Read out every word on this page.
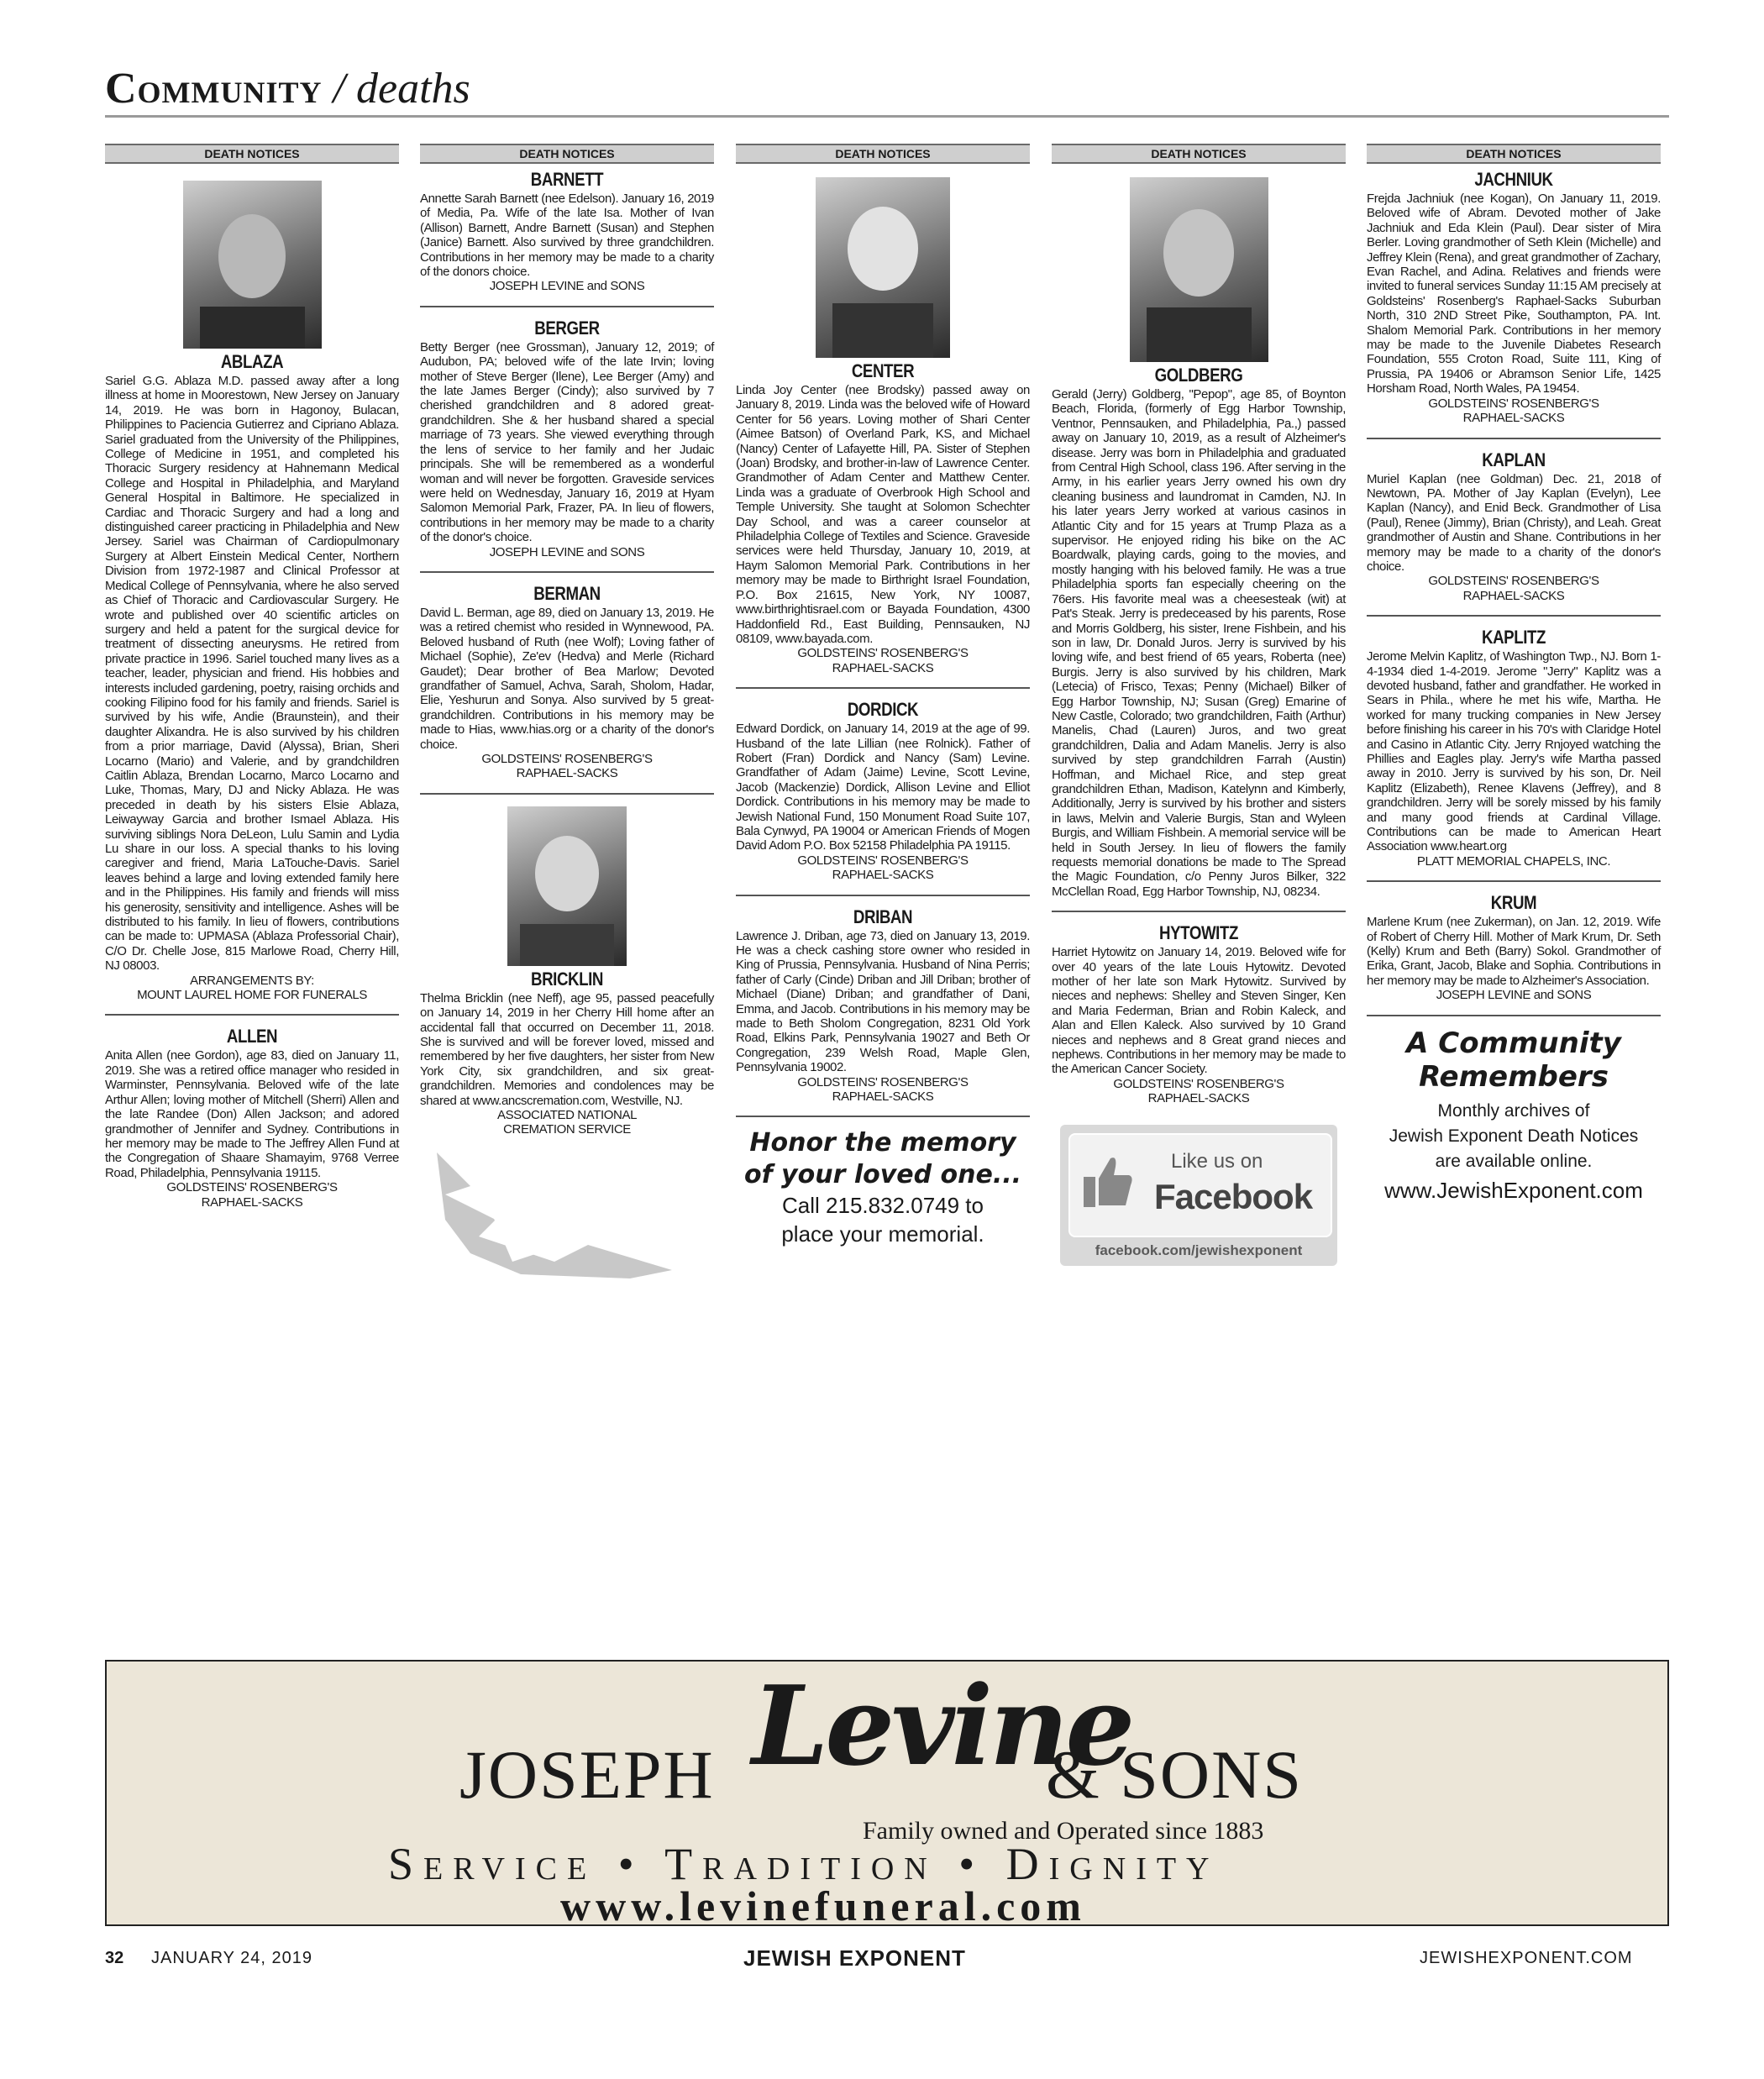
Community / deaths
DEATH NOTICES
ABLAZA
Sariel G.G. Ablaza M.D. passed away after a long illness at home in Moorestown, New Jersey on January 14, 2019. He was born in Hagonoy, Bulacan, Philippines to Paciencia Gutierrez and Cipriano Ablaza. Sariel graduated from the University of the Philippines, College of Medicine in 1951, and completed his Thoracic Surgery residency at Hahnemann Medical College and Hospital in Philadelphia, and Maryland General Hospital in Baltimore. He specialized in Cardiac and Thoracic Surgery and had a long and distinguished career practicing in Philadelphia and New Jersey. Sariel was Chairman of Cardiopulmonary Surgery at Albert Einstein Medical Center, Northern Division from 1972-1987 and Clinical Professor at Medical College of Pennsylvania, where he also served as Chief of Thoracic and Cardiovascular Surgery. He wrote and published over 40 scientific articles on surgery and held a patent for the surgical device for treatment of dissecting aneurysms. He retired from private practice in 1996. Sariel touched many lives as a teacher, leader, physician and friend. His hobbies and interests included gardening, poetry, raising orchids and cooking Filipino food for his family and friends. Sariel is survived by his wife, Andie (Braunstein), and their daughter Alixandra. He is also survived by his children from a prior marriage, David (Alyssa), Brian, Sheri Locarno (Mario) and Valerie, and by grandchildren Caitlin Ablaza, Brendan Locarno, Marco Locarno and Luke, Thomas, Mary, DJ and Nicky Ablaza. He was preceded in death by his sisters Elsie Ablaza, Leiwayway Garcia and brother Ismael Ablaza. His surviving siblings Nora DeLeon, Lulu Samin and Lydia Lu share in our loss. A special thanks to his loving caregiver and friend, Maria LaTouche-Davis. Sariel leaves behind a large and loving extended family here and in the Philippines. His family and friends will miss his generosity, sensitivity and intelligence. Ashes will be distributed to his family. In lieu of flowers, contributions can be made to: UPMASA (Ablaza Professorial Chair), C/O Dr. Chelle Jose, 815 Marlowe Road, Cherry Hill, NJ 08003.
ARRANGEMENTS BY:
MOUNT LAUREL HOME FOR FUNERALS
ALLEN
Anita Allen (nee Gordon), age 83, died on January 11, 2019. She was a retired office manager who resided in Warminster, Pennsylvania. Beloved wife of the late Arthur Allen; loving mother of Mitchell (Sherri) Allen and the late Randee (Don) Allen Jackson; and adored grandmother of Jennifer and Sydney. Contributions in her memory may be made to The Jeffrey Allen Fund at the Congregation of Shaare Shamayim, 9768 Verree Road, Philadelphia, Pennsylvania 19115.
GOLDSTEINS' ROSENBERG'S
RAPHAEL-SACKS
DEATH NOTICES
BARNETT
Annette Sarah Barnett (nee Edelson). January 16, 2019 of Media, Pa. Wife of the late Isa. Mother of Ivan (Allison) Barnett, Andre Barnett (Susan) and Stephen (Janice) Barnett. Also survived by three grandchildren. Contributions in her memory may be made to a charity of the donors choice.
JOSEPH LEVINE and SONS
BERGER
Betty Berger (nee Grossman), January 12, 2019; of Audubon, PA; beloved wife of the late Irvin; loving mother of Steve Berger (Ilene), Lee Berger (Amy) and the late James Berger (Cindy); also survived by 7 cherished grandchildren and 8 adored great-grandchildren. She & her husband shared a special marriage of 73 years. She viewed everything through the lens of service to her family and her Judaic principals. She will be remembered as a wonderful woman and will never be forgotten. Graveside services were held on Wednesday, January 16, 2019 at Hyam Salomon Memorial Park, Frazer, PA. In lieu of flowers, contributions in her memory may be made to a charity of the donor's choice.
JOSEPH LEVINE and SONS
BERMAN
David L. Berman, age 89, died on January 13, 2019. He was a retired chemist who resided in Wynnewood, PA. Beloved husband of Ruth (nee Wolf); Loving father of Michael (Sophie), Ze'ev (Hedva) and Merle (Richard Gaudet); Dear brother of Bea Marlow; Devoted grandfather of Samuel, Achva, Sarah, Sholom, Hadar, Elie, Yeshurun and Sonya. Also survived by 5 great-grandchildren. Contributions in his memory may be made to Hias, www.hias.org or a charity of the donor's choice.
GOLDSTEINS' ROSENBERG'S
RAPHAEL-SACKS
BRICKLIN
Thelma Bricklin (nee Neff), age 95, passed peacefully on January 14, 2019 in her Cherry Hill home after an accidental fall that occurred on December 11, 2018. She is survived and will be forever loved, missed and remembered by her five daughters, her sister from New York City, six grandchildren, and six great-grandchildren. Memories and condolences may be shared at www.ancscremation.com, Westville, NJ.
ASSOCIATED NATIONAL
CREMATION SERVICE
DEATH NOTICES
CENTER
Linda Joy Center (nee Brodsky) passed away on January 8, 2019. Linda was the beloved wife of Howard Center for 56 years. Loving mother of Shari Center (Aimee Batson) of Overland Park, KS, and Michael (Nancy) Center of Lafayette Hill, PA. Sister of Stephen (Joan) Brodsky, and brother-in-law of Lawrence Center. Grandmother of Adam Center and Matthew Center. Linda was a graduate of Overbrook High School and Temple University. She taught at Solomon Schechter Day School, and was a career counselor at Philadelphia College of Textiles and Science. Graveside services were held Thursday, January 10, 2019, at Haym Salomon Memorial Park. Contributions in her memory may be made to Birthright Israel Foundation, P.O. Box 21615, New York, NY 10087, www.birthrightisrael.com or Bayada Foundation, 4300 Haddonfield Rd., East Building, Pennsauken, NJ 08109, www.bayada.com.
GOLDSTEINS' ROSENBERG'S
RAPHAEL-SACKS
DORDICK
Edward Dordick, on January 14, 2019 at the age of 99. Husband of the late Lillian (nee Rolnick). Father of Robert (Fran) Dordick and Nancy (Sam) Levine. Grandfather of Adam (Jaime) Levine, Scott Levine, Jacob (Mackenzie) Dordick, Allison Levine and Elliot Dordick. Contributions in his memory may be made to Jewish National Fund, 150 Monument Road Suite 107, Bala Cynwyd, PA 19004 or American Friends of Mogen David Adom P.O. Box 52158 Philadelphia PA 19115.
GOLDSTEINS' ROSENBERG'S
RAPHAEL-SACKS
DRIBAN
Lawrence J. Driban, age 73, died on January 13, 2019. He was a check cashing store owner who resided in King of Prussia, Pennsylvania. Husband of Nina Perris; father of Carly (Cinde) Driban and Jill Driban; brother of Michael (Diane) Driban; and grandfather of Dani, Emma, and Jacob. Contributions in his memory may be made to Beth Sholom Congregation, 8231 Old York Road, Elkins Park, Pennsylvania 19027 and Beth Or Congregation, 239 Welsh Road, Maple Glen, Pennsylvania 19002.
GOLDSTEINS' ROSENBERG'S
RAPHAEL-SACKS
Honor the memory
of your loved one...
Call 215.832.0749 to
place your memorial.
DEATH NOTICES
GOLDBERG
Gerald (Jerry) Goldberg, "Pepop", age 85, of Boynton Beach, Florida, (formerly of Egg Harbor Township, Ventnor, Pennsauken, and Philadelphia, Pa.,) passed away on January 10, 2019, as a result of Alzheimer's disease. Jerry was born in Philadelphia and graduated from Central High School, class 196. After serving in the Army, in his earlier years Jerry owned his own dry cleaning business and laundromat in Camden, NJ. In his later years Jerry worked at various casinos in Atlantic City and for 15 years at Trump Plaza as a supervisor. He enjoyed riding his bike on the AC Boardwalk, playing cards, going to the movies, and mostly hanging with his beloved family. He was a true Philadelphia sports fan especially cheering on the 76ers. His favorite meal was a cheesesteak (wit) at Pat's Steak. Jerry is predeceased by his parents, Rose and Morris Goldberg, his sister, Irene Fishbein, and his son in law, Dr. Donald Juros. Jerry is survived by his loving wife, and best friend of 65 years, Roberta (nee) Burgis. Jerry is also survived by his children, Mark (Letecia) of Frisco, Texas; Penny (Michael) Bilker of Egg Harbor Township, NJ; Susan (Greg) Emarine of New Castle, Colorado; two grandchildren, Faith (Arthur) Manelis, Chad (Lauren) Juros, and two great grandchildren, Dalia and Adam Manelis. Jerry is also survived by step grandchildren Farrah (Austin) Hoffman, and Michael Rice, and step great grandchildren Ethan, Madison, Katelynn and Kimberly, Additionally, Jerry is survived by his brother and sisters in laws, Melvin and Valerie Burgis, Stan and Wyleen Burgis, and William Fishbein. A memorial service will be held in South Jersey. In lieu of flowers the family requests memorial donations be made to The Spread the Magic Foundation, c/o Penny Juros Bilker, 322 McClellan Road, Egg Harbor Township, NJ, 08234.
HYTOWITZ
Harriet Hytowitz on January 14, 2019. Beloved wife for over 40 years of the late Louis Hytowitz. Devoted mother of her late son Mark Hytowitz. Survived by nieces and nephews: Shelley and Steven Singer, Ken and Maria Federman, Brian and Robin Kaleck, and Alan and Ellen Kaleck. Also survived by 10 Grand nieces and nephews and 8 Great grand nieces and nephews. Contributions in her memory may be made to the American Cancer Society.
GOLDSTEINS' ROSENBERG'S
RAPHAEL-SACKS
Like us on
Facebook
facebook.com/jewishexponent
DEATH NOTICES
JACHNIUK
Frejda Jachniuk (nee Kogan), On January 11, 2019. Beloved wife of Abram. Devoted mother of Jake Jachniuk and Eda Klein (Paul). Dear sister of Mira Berler. Loving grandmother of Seth Klein (Michelle) and Jeffrey Klein (Rena), and great grandmother of Zachary, Evan Rachel, and Adina. Relatives and friends were invited to funeral services Sunday 11:15 AM precisely at Goldsteins' Rosenberg's Raphael-Sacks Suburban North, 310 2ND Street Pike, Southampton, PA. Int. Shalom Memorial Park. Contributions in her memory may be made to the Juvenile Diabetes Research Foundation, 555 Croton Road, Suite 111, King of Prussia, PA 19406 or Abramson Senior Life, 1425 Horsham Road, North Wales, PA 19454.
GOLDSTEINS' ROSENBERG'S
RAPHAEL-SACKS
KAPLAN
Muriel Kaplan (nee Goldman) Dec. 21, 2018 of Newtown, PA. Mother of Jay Kaplan (Evelyn), Lee Kaplan (Nancy), and Enid Beck. Grandmother of Lisa (Paul), Renee (Jimmy), Brian (Christy), and Leah. Great grandmother of Austin and Shane. Contributions in her memory may be made to a charity of the donor's choice.
GOLDSTEINS' ROSENBERG'S
RAPHAEL-SACKS
KAPLITZ
Jerome Melvin Kaplitz, of Washington Twp., NJ. Born 1-4-1934 died 1-4-2019. Jerome "Jerry" Kaplitz was a devoted husband, father and grandfather. He worked in Sears in Phila., where he met his wife, Martha. He worked for many trucking companies in New Jersey before finishing his career in his 70's with Claridge Hotel and Casino in Atlantic City. Jerry Rnjoyed watching the Phillies and Eagles play. Jerry's wife Martha passed away in 2010. Jerry is survived by his son, Dr. Neil Kaplitz (Elizabeth), Renee Klavens (Jeffrey), and 8 grandchildren. Jerry will be sorely missed by his family and many good friends at Cardinal Village. Contributions can be made to American Heart Association www.heart.org
PLATT MEMORIAL CHAPELS, INC.
KRUM
Marlene Krum (nee Zukerman), on Jan. 12, 2019. Wife of Robert of Cherry Hill. Mother of Mark Krum, Dr. Seth (Kelly) Krum and Beth (Barry) Sokol. Grandmother of Erika, Grant, Jacob, Blake and Sophia. Contributions in her memory may be made to Alzheimer's Association.
JOSEPH LEVINE and SONS
A Community
Remembers
Monthly archives of
Jewish Exponent Death Notices
are available online.
www.JewishExponent.com
JOSEPH Levine
& SONS
Family owned and Operated since 1883
Service • Tradition • Dignity
www.levinefuneral.com
32 JANUARY 24, 2019	JEWISH EXPONENT	JEWISHEXPONENT.COM
